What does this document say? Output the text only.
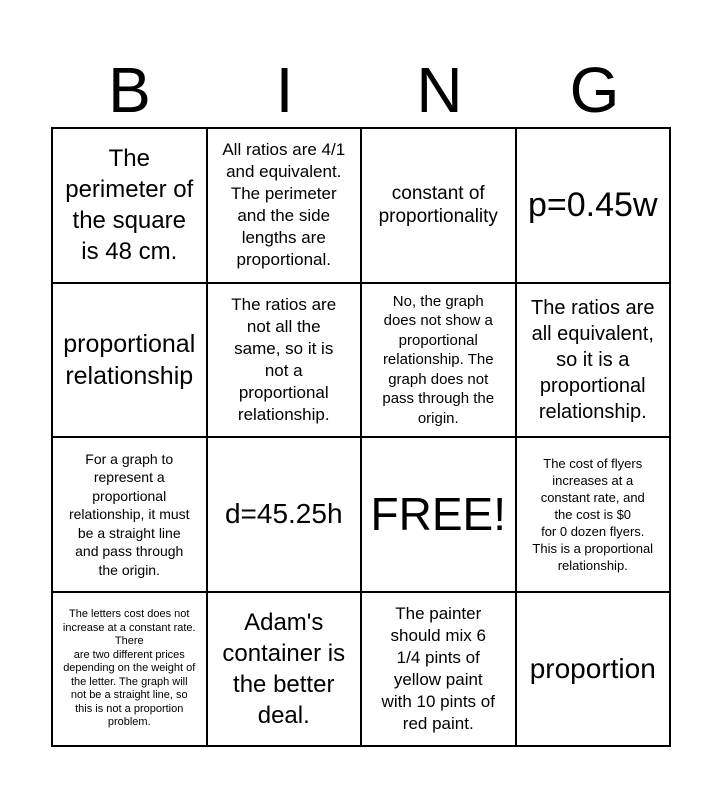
B	I	N	G
The
perimeter of
the square
is 48 cm.
All ratios are 4/1
and equivalent.
The perimeter
and the side
lengths are
proportional.
constant of
proportionality p=0.45w
proportional
relationship
The ratios are
not all the
same, so it is
not a
proportional
relationship.
No, the graph
does not show a
proportional
relationship. The
graph does not
pass through the
origin.
The ratios are
all equivalent,
so it is a
proportional
relationship.
For a graph to
represent a
proportional
relationship, it must
be a straight line
and pass through
the origin.
d=45.25h FREE!
The cost of flyers
increases at a
constant rate, and
the cost is $0
for 0 dozen flyers.
This is a proportional
relationship.
The letters cost does not
increase at a constant rate.
There
are two different prices
depending on the weight of
the letter. The graph will
not be a straight line, so
this is not a proportion
problem.
Adam's
container is
the better
deal.
The painter
should mix 6
1/4 pints of
yellow paint
with 10 pints of
red paint.
proportion
